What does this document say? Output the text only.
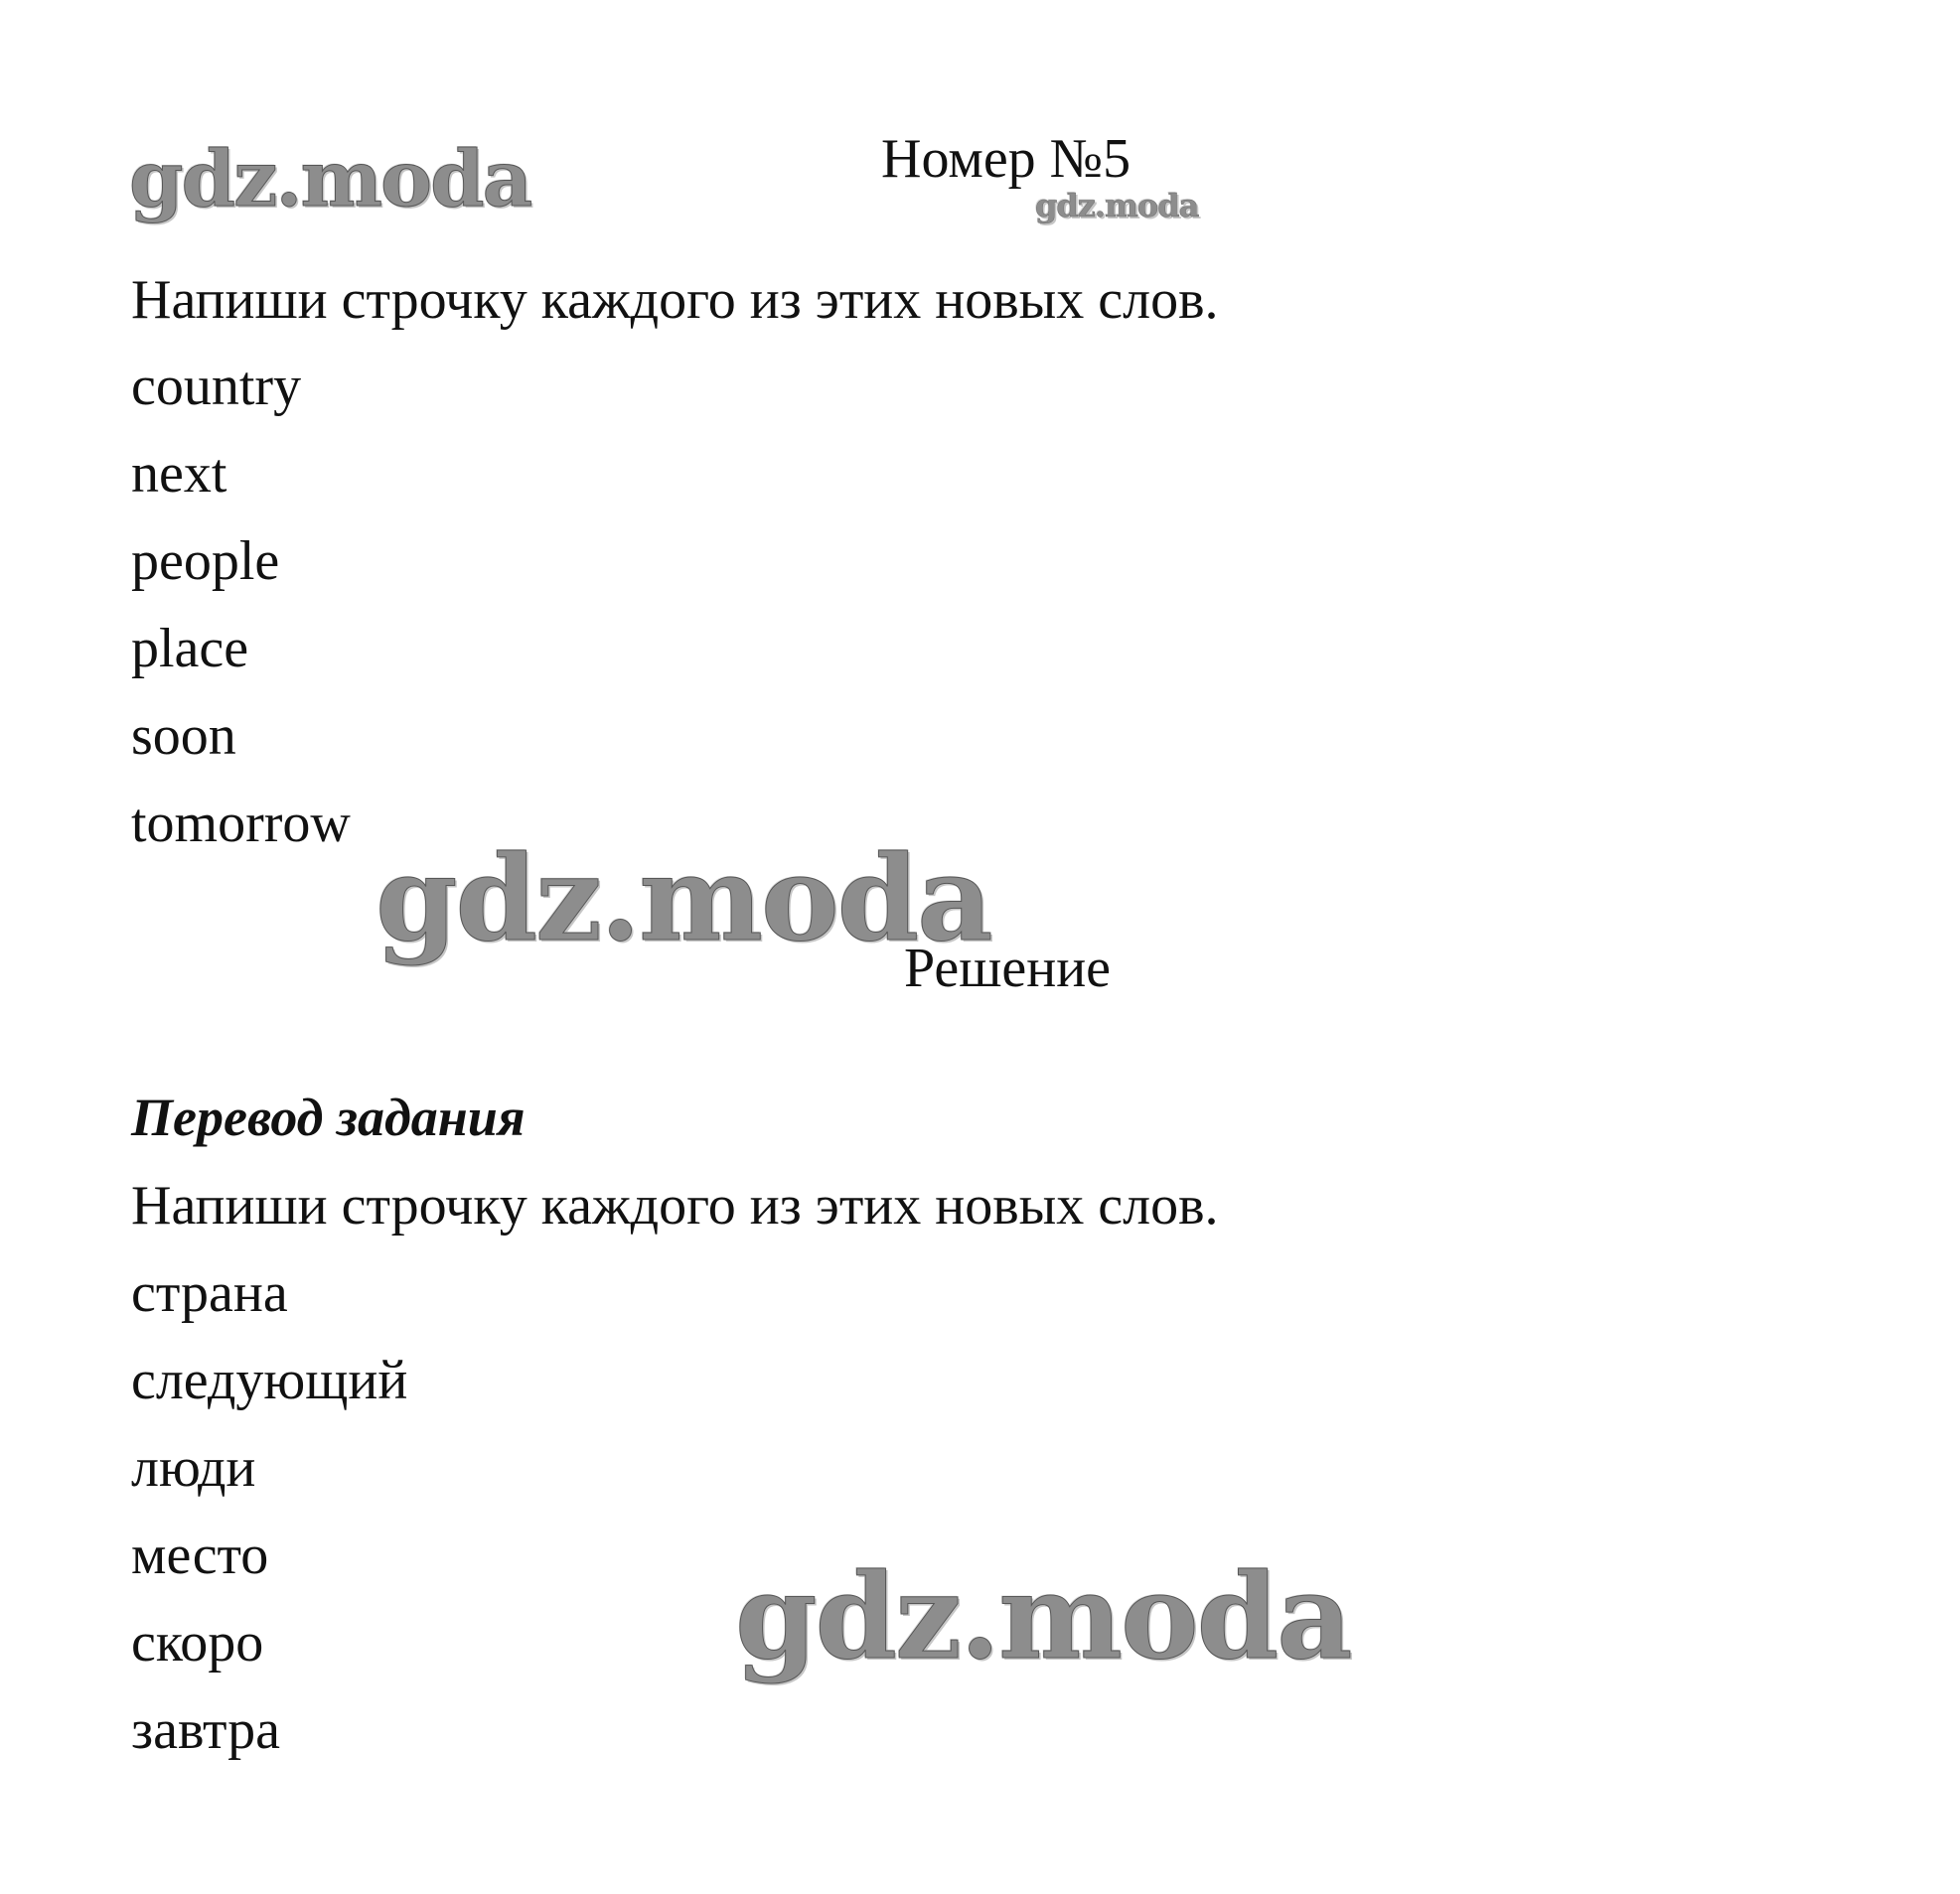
gdz.moda	Номер №5
gdz.moda
Напиши строчку каждого из этих новых слов.
country
next
people
place
soon
tomorrow
gdz.moda
Решение
Перевод задания
Напиши строчку каждого из этих новых слов.
страна
следующий
люди
место
скоро
завтра
gdz.moda
